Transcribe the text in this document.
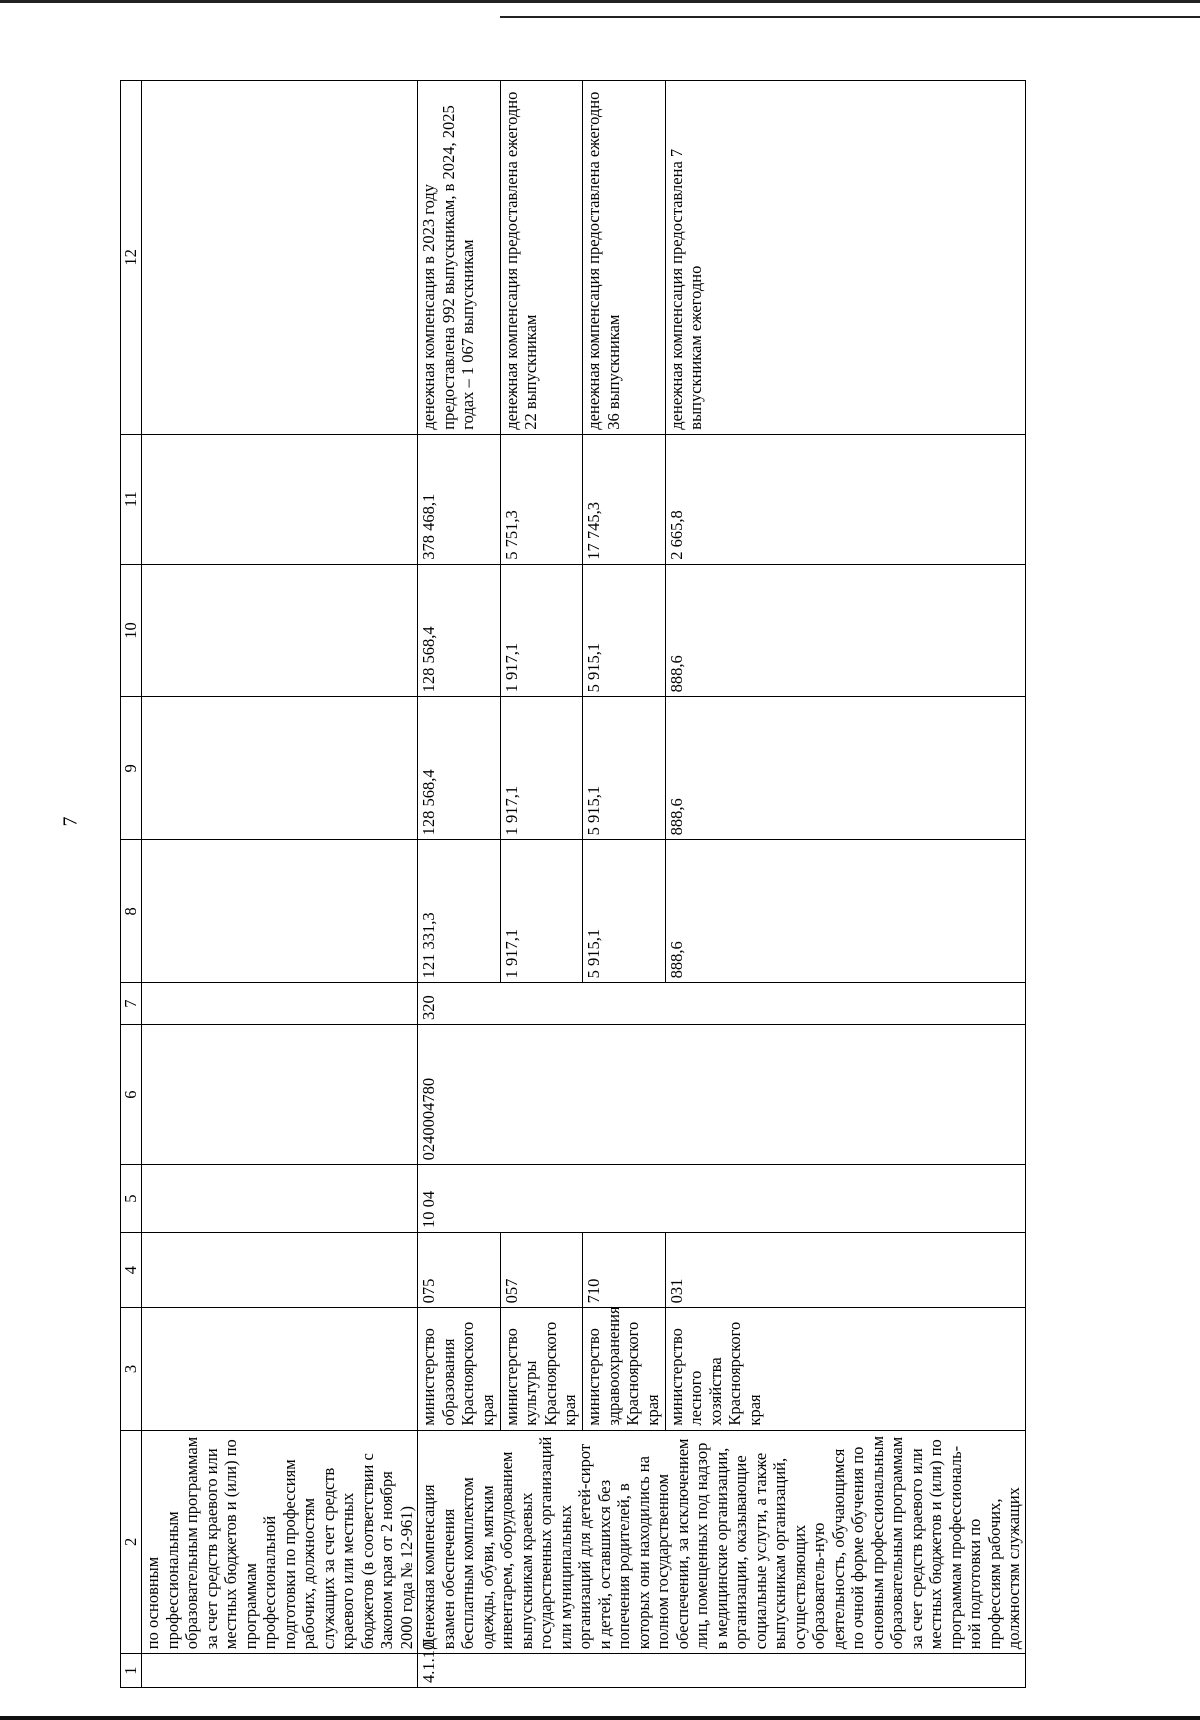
7
1	2	3	4	5	6	7	8	9	10	11	12
	по основным профессиональным образовательным программам за счет средств краевого или местных бюджетов и (или) по программам профессиональной подготовки по профессиям рабочих, должностям служащих за счет средств краевого или местных бюджетов (в соответствии с Законом края от 2 ноября 2000 года № 12-961)										
4.1.10	Денежная компенсация взамен обеспечения бесплатным комплектом одежды, обуви, мягким инвентарем, оборудованием выпускникам краевых государственных организаций или муниципальных организаций для детей-сирот и детей, оставшихся без попечения родителей, в которых они находились на полном государственном обеспечении, за исключением лиц, помещенных под надзор в медицинские организации, организации, оказывающие социальные услуги, а также выпускникам организаций, осуществляющих образователь-ную деятельность, обучающимся по очной форме обучения по основным профессиональным образовательным программам за счет средств краевого или местных бюджетов и (или) по программам профессиональ-ной подготовки по профессиям рабочих, должностям служащих	министерство образования Красноярского края	075	10 04	0240004780	320	121 331,3	128 568,4	128 568,4	378 468,1	денежная компенсация в 2023 году предоставлена 992 выпускникам, в 2024, 2025 годах – 1 067 выпускникам
		министерство культуры Красноярского края	057				1 917,1	1 917,1	1 917,1	5 751,3	денежная компенсация предоставлена ежегодно 22 выпускникам
		министерство здравоохранения Красноярского края	710				5 915,1	5 915,1	5 915,1	17 745,3	денежная компенсация предоставлена ежегодно 36 выпускникам
		министерство лесного хозяйства Красноярского края	031				888,6	888,6	888,6	2 665,8	денежная компенсация предоставлена 7 выпускникам ежегодно
